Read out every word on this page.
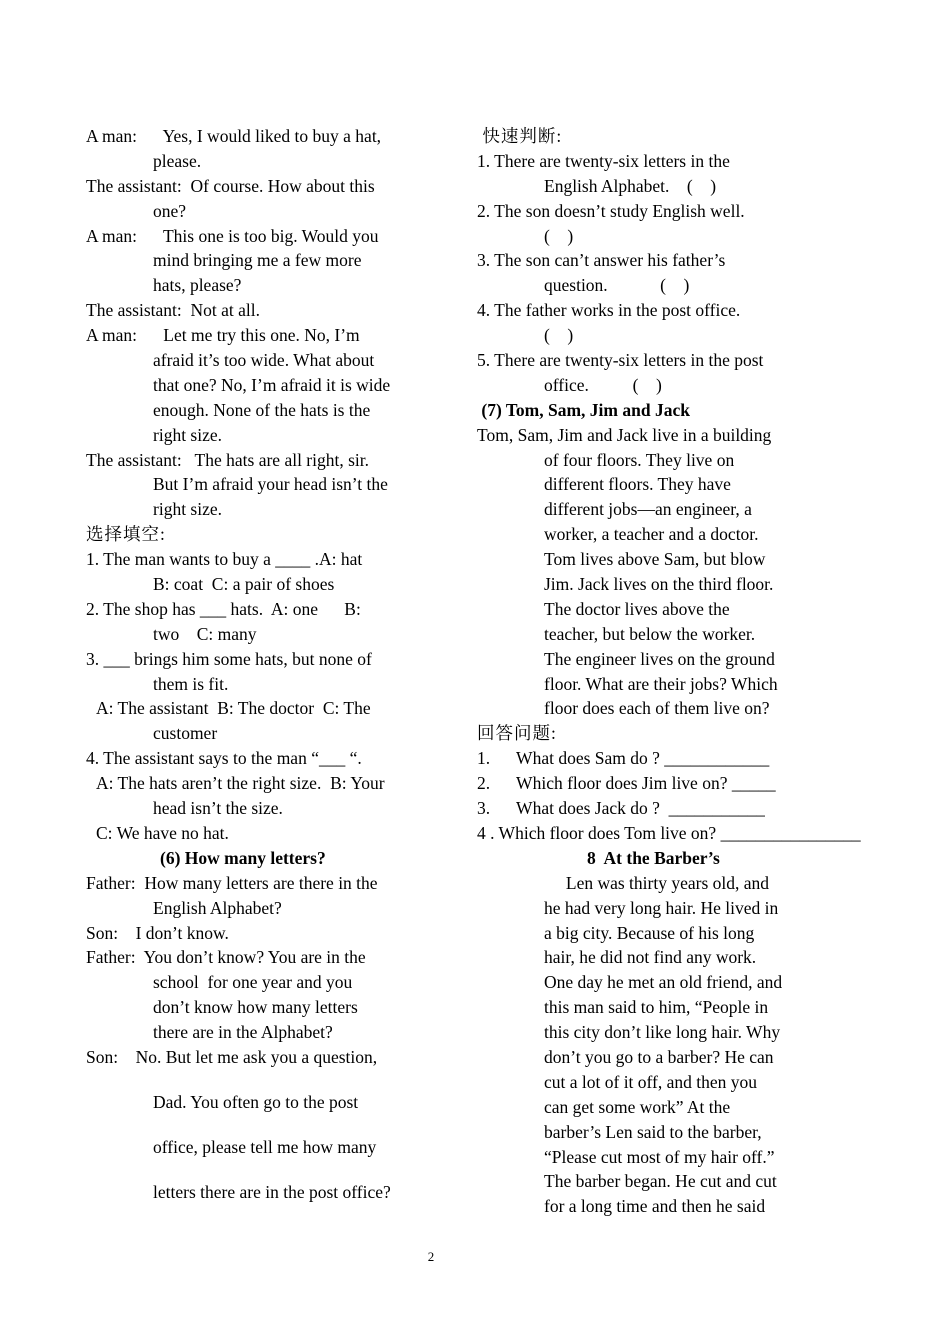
A man:      Yes, I would liked to buy a hat,
please.
The assistant:  Of course. How about this
one?
A man:      This one is too big. Would you
mind bringing me a few more
hats, please?
The assistant:  Not at all.
A man:      Let me try this one. No, I’m
afraid it’s too wide. What about
that one? No, I’m afraid it is wide
enough. None of the hats is the
right size.
The assistant:   The hats are all right, sir.
But I’m afraid your head isn’t the
right size.
选择填空:
1. The man wants to buy a ____ .A: hat
B: coat  C: a pair of shoes
2. The shop has ___ hats.  A: one      B:
two    C: many
3. ___ brings him some hats, but none of
them is fit.
A: The assistant  B: The doctor  C: The
customer
4. The assistant says to the man “___ “.
A: The hats aren’t the right size.  B: Your
head isn’t the size.
C: We have no hat.
(6) How many letters?
Father:  How many letters are there in the
English Alphabet?
Son:    I don’t know.
Father:  You don’t know? You are in the
school  for one year and you
don’t know how many letters
there are in the Alphabet?
Son:    No. But let me ask you a question,
Dad. You often go to the post
office, please tell me how many
letters there are in the post office?
快速判断:
1. There are twenty-six letters in the
English Alphabet.    (    )
2. The son doesn’t study English well.
(    )
3. The son can’t answer his father’s
question.            (    )
4. The father works in the post office.
(    )
5. There are twenty-six letters in the post
office.          (    )
(7) Tom, Sam, Jim and Jack
Tom, Sam, Jim and Jack live in a building
of four floors. They live on
different floors. They have
different jobs—an engineer, a
worker, a teacher and a doctor.
Tom lives above Sam, but blow
Jim. Jack lives on the third floor.
The doctor lives above the
teacher, but below the worker.
The engineer lives on the ground
floor. What are their jobs? Which
floor does each of them live on?
回答问题:
1.      What does Sam do ? ____________
2.      Which floor does Jim live on? _____
3.      What does Jack do ?  ___________
4 . Which floor does Tom live on? ________________
8  At the Barber’s
Len was thirty years old, and
he had very long hair. He lived in
a big city. Because of his long
hair, he did not find any work.
One day he met an old friend, and
this man said to him, “People in
this city don’t like long hair. Why
don’t you go to a barber? He can
cut a lot of it off, and then you
can get some work” At the
barber’s Len said to the barber,
“Please cut most of my hair off.”
The barber began. He cut and cut
for a long time and then he said
2
